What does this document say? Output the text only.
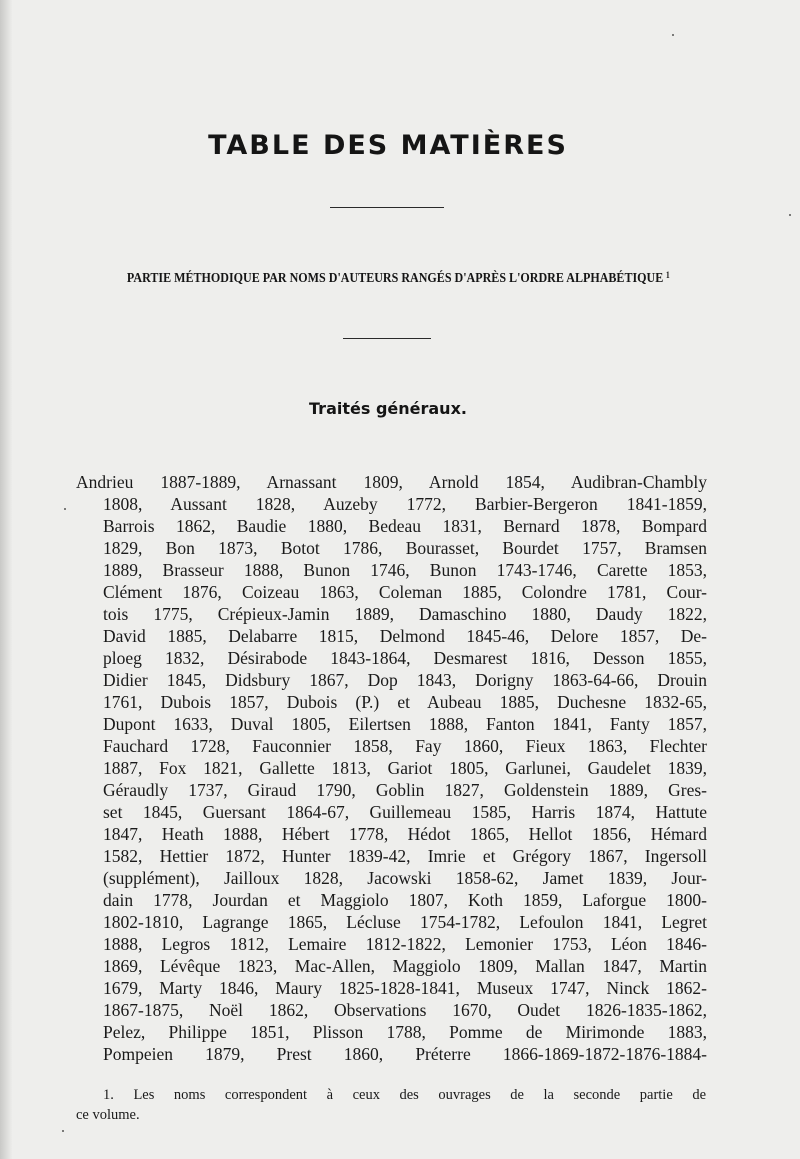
TABLE DES MATIÈRES
PARTIE MÉTHODIQUE PAR NOMS D'AUTEURS RANGÉS D'APRÈS L'ORDRE ALPHABÉTIQUE $^1$
Traités généraux.
Andrieu 1887-1889, Arnassant 1809, Arnold 1854, Audibran-Chambly
1808, Aussant 1828, Auzeby 1772, Barbier-Bergeron 1841-1859,
Barrois 1862, Baudie 1880, Bedeau 1831, Bernard 1878, Bompard
1829, Bon 1873, Botot 1786, Bourasset, Bourdet 1757, Bramsen
1889, Brasseur 1888, Bunon 1746, Bunon 1743-1746, Carette 1853,
Clément 1876, Coizeau 1863, Coleman 1885, Colondre 1781, Cour-
tois 1775, Crépieux-Jamin 1889, Damaschino 1880, Daudy 1822,
David 1885, Delabarre 1815, Delmond 1845-46, Delore 1857, De-
ploeg 1832, Désirabode 1843-1864, Desmarest 1816, Desson 1855,
Didier 1845, Didsbury 1867, Dop 1843, Dorigny 1863-64-66, Drouin
1761, Dubois 1857, Dubois (P.) et Aubeau 1885, Duchesne 1832-65,
Dupont 1633, Duval 1805, Eilertsen 1888, Fanton 1841, Fanty 1857,
Fauchard 1728, Fauconnier 1858, Fay 1860, Fieux 1863, Flechter
1887, Fox 1821, Gallette 1813, Gariot 1805, Garlunei, Gaudelet 1839,
Géraudly 1737, Giraud 1790, Goblin 1827, Goldenstein 1889, Gres-
set 1845, Guersant 1864-67, Guillemeau 1585, Harris 1874, Hattute
1847, Heath 1888, Hébert 1778, Hédot 1865, Hellot 1856, Hémard
1582, Hettier 1872, Hunter 1839-42, Imrie et Grégory 1867, Ingersoll
(supplément), Jailloux 1828, Jacowski 1858-62, Jamet 1839, Jour-
dain 1778, Jourdan et Maggiolo 1807, Koth 1859, Laforgue 1800-
1802-1810, Lagrange 1865, Lécluse 1754-1782, Lefoulon 1841, Legret
1888, Legros 1812, Lemaire 1812-1822, Lemonier 1753, Léon 1846-
1869, Lévêque 1823, Mac-Allen, Maggiolo 1809, Mallan 1847, Martin
1679, Marty 1846, Maury 1825-1828-1841, Museux 1747, Ninck 1862-
1867-1875, Noël 1862, Observations 1670, Oudet 1826-1835-1862,
Pelez, Philippe 1851, Plisson 1788, Pomme de Mirimonde 1883,
Pompeien 1879, Prest 1860, Préterre 1866-1869-1872-1876-1884-
1. Les noms correspondent à ceux des ouvrages de la seconde partie de
ce volume.
